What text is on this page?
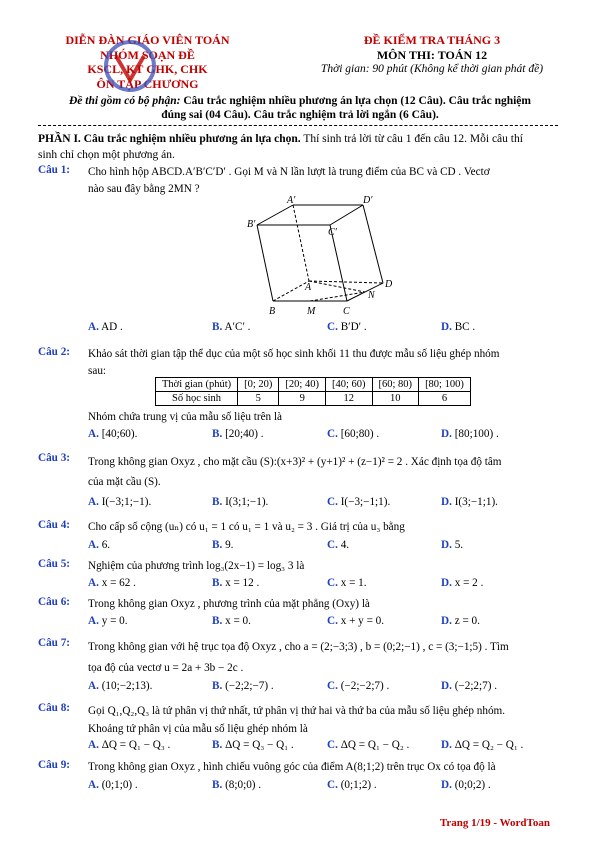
DIỄN ĐÀN GIÁO VIÊN TOÁN
NHÓM SOẠN ĐỀ
KSCL, KT GHK, CHK
ÔN TẬP CHƯƠNG
ĐỀ KIỂM TRA THÁNG 3
MÔN THI: TOÁN 12
Thời gian: 90 phút (Không kể thời gian phát đề)
Đề thi gồm có bộ phận: Câu trắc nghiệm nhiều phương án lựa chọn (12 Câu). Câu trắc nghiệm
đúng sai (04 Câu). Câu trắc nghiệm trả lời ngắn (6 Câu).
PHẦN I. Câu trắc nghiệm nhiều phương án lựa chọn. Thí sinh trả lời từ câu 1 đến câu 12. Mỗi câu thí
sinh chỉ chọn một phương án.
Câu 1: Cho hình hộp ABCD.A′B′C′D′ . Gọi M và N lần lượt là trung điểm của BC và CD . Vectơ
nào sau đây bằng 2MN ?
A′	D′
B′
C′
A	D
N
B	M	C
A. AD .	B. A′C′ .	C. B′D′ .	D. BC .
Câu 2: Khảo sát thời gian tập thể dục của một số học sinh khối 11 thu được mẫu số liệu ghép nhóm
sau:
Thời gian (phút)	[0; 20)	[20; 40)	[40; 60)	[60; 80)	[80; 100)
Số học sinh	5	9	12	10	6
Nhóm chứa trung vị của mẫu số liệu trên là
A. [40;60).	B. [20;40) .	C. [60;80) .	D. [80;100) .
Câu 3: Trong không gian Oxyz , cho mặt cầu (S):(x+3)² + (y+1)² + (z−1)² = 2 . Xác định tọa độ tâm
của mặt cầu (S).
A. I(−3;1;−1).	B. I(3;1;−1).	C. I(−3;−1;1).	D. I(3;−1;1).
Câu 4: Cho cấp số cộng (uₙ) có u₁ = 1 có u₁ = 1 và u₂ = 3 . Giá trị của u₃ bằng
A. 6.	B. 9.	C. 4.	D. 5.
Câu 5: Nghiệm của phương trình log₃(2x−1) = log₃ 3 là
A. x = 62 .	B. x = 12 .	C. x = 1.	D. x = 2 .
Câu 6: Trong không gian Oxyz , phương trình của mặt phẳng (Oxy) là
A. y = 0.	B. x = 0.	C. x + y = 0.	D. z = 0.
Câu 7: Trong không gian với hệ trục tọa độ Oxyz , cho a = (2;−3;3) , b = (0;2;−1) , c = (3;−1;5) . Tìm
tọa độ của vectơ u = 2a + 3b − 2c .
A. (10;−2;13).	B. (−2;2;−7) .	C. (−2;−2;7) .	D. (−2;2;7) .
Câu 8: Gọi Q₁,Q₂,Q₃ là tứ phân vị thứ nhất, tứ phân vị thứ hai và thứ ba của mẫu số liệu ghép nhóm.
Khoảng tứ phân vị của mẫu số liệu ghép nhóm là
A. ΔQ = Q₁ − Q₃ .	B. ΔQ = Q₃ − Q₁ .	C. ΔQ = Q₁ − Q₂ .	D. ΔQ = Q₂ − Q₁ .
Câu 9: Trong không gian Oxyz , hình chiếu vuông góc của điểm A(8;1;2) trên trục Ox có tọa độ là
A. (0;1;0) .	B. (8;0;0) .	C. (0;1;2) .	D. (0;0;2) .
Trang 1/19 - WordToan
